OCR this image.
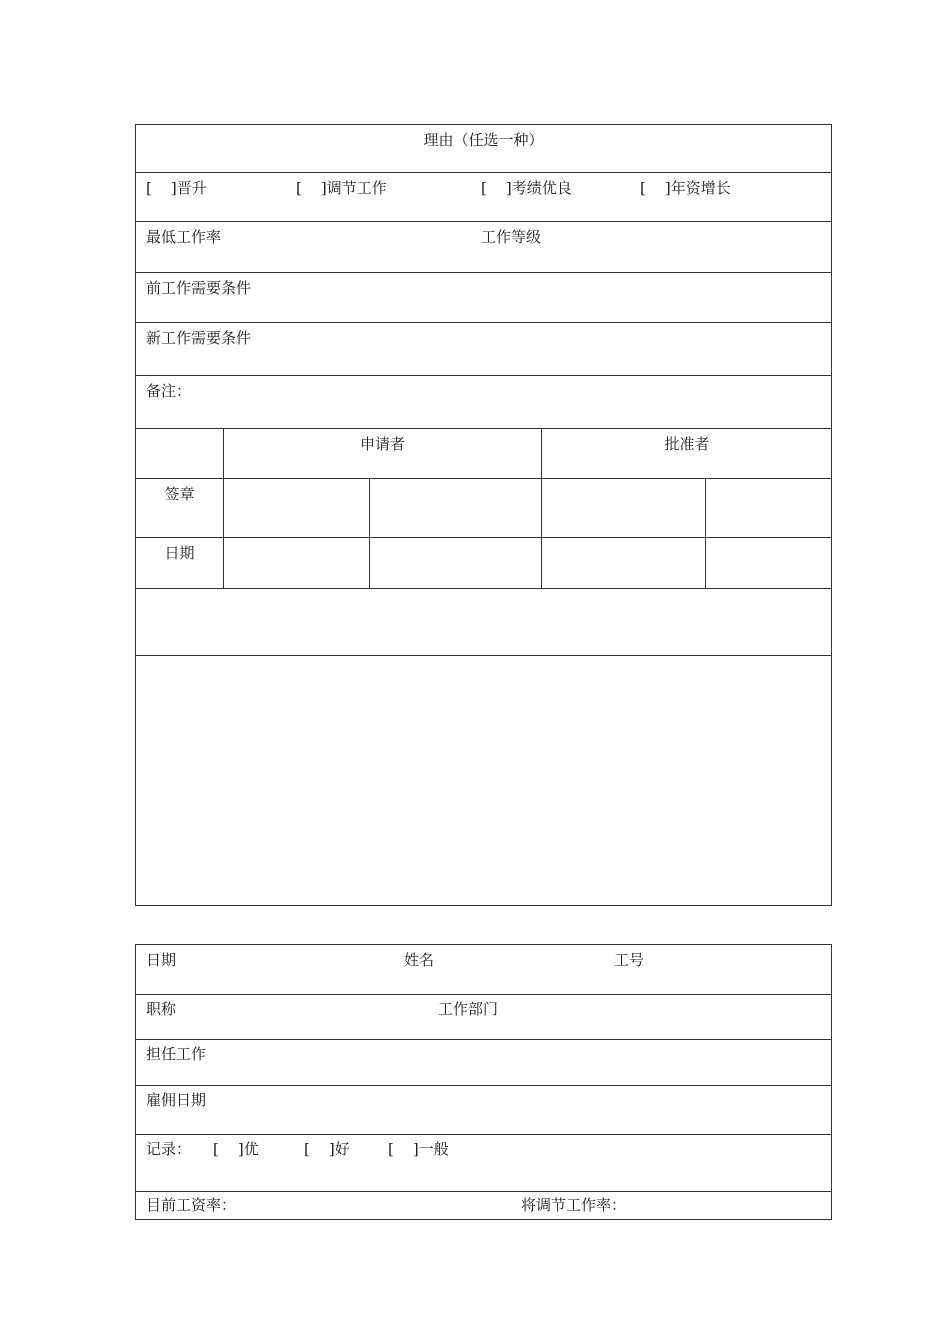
理由（任选一种）
[    ]晋升	[    ]调节工作	[    ]考绩优良	[    ]年资增长
最低工作率	工作等级
前工作需要条件
新工作需要条件
备注：
申请者	批准者
签章
日期
日期	姓名	工号
职称	工作部门
担任工作
雇佣日期
记录： [    ]优	[    ]好	[    ]一般
目前工资率：	将调节工作率：
